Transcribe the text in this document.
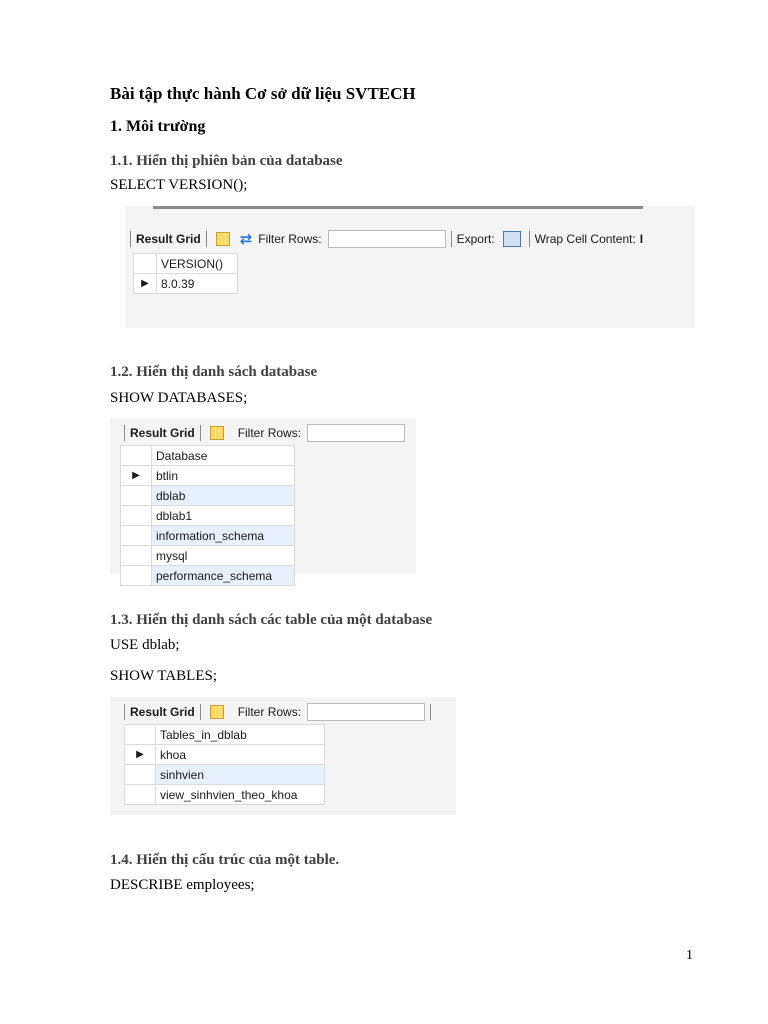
Bài tập thực hành Cơ sở dữ liệu SVTECH
1. Môi trường
1.1. Hiển thị phiên bản của database
SELECT VERSION();
Result Grid	⇄ Filter Rows:	Export:	Wrap Cell Content: I
	VERSION()
▶	8.0.39
1.2. Hiển thị danh sách database
SHOW DATABASES;
Result Grid	Filter Rows:
	Database
▶	btlin
	dblab
	dblab1
	information_schema
	mysql
	performance_schema
1.3. Hiển thị danh sách các table của một database
USE dblab;
SHOW TABLES;
Result Grid	Filter Rows:
	Tables_in_dblab
▶	khoa
	sinhvien
	view_sinhvien_theo_khoa
1.4. Hiển thị cấu trúc của một table.
DESCRIBE employees;
1
